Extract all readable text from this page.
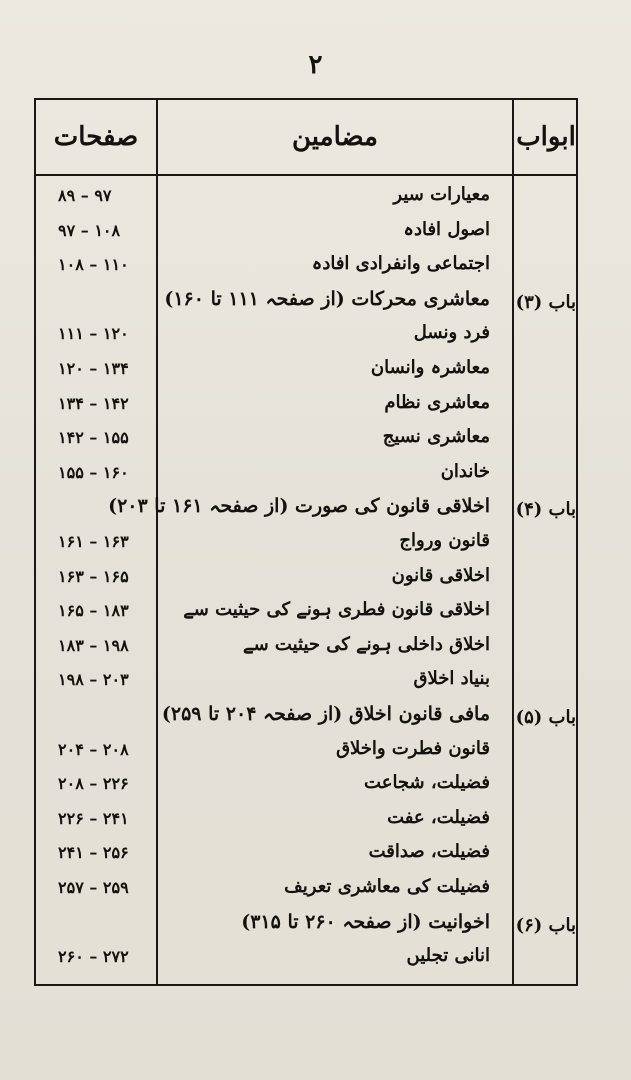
۲
صفحات	مضامین	ابواب
معیارات سیر
۸۹ – ۹۷
اصول افادہ
۹۷ – ۱۰۸
اجتماعی وانفرادی افادہ
۱۰۸ – ۱۱۰
معاشری محرکات (از صفحہ ۱۱۱ تا ۱۶۰) باب (۳)
فرد ونسل
۱۱۱ – ۱۲۰
معاشرہ وانسان
۱۲۰ – ۱۳۴
معاشری نظام
۱۳۴ – ۱۴۲
معاشری نسیج
۱۴۲ – ۱۵۵
خاندان
۱۵۵ – ۱۶۰
اخلاقی قانون کی صورت (از صفحہ ۱۶۱ تا ۲۰۳) باب (۴)
قانون ورواج
۱۶۱ – ۱۶۳
اخلاقی قانون
۱۶۳ – ۱۶۵
اخلاقی قانون فطری ہونے کی حیثیت سے
۱۶۵ – ۱۸۳
اخلاق داخلی ہونے کی حیثیت سے
۱۸۳ – ۱۹۸
بنیاد اخلاق
۱۹۸ – ۲۰۳
مافی قانون اخلاق (از صفحہ ۲۰۴ تا ۲۵۹) باب (۵)
قانون فطرت واخلاق
۲۰۴ – ۲۰۸
فضیلت، شجاعت
۲۰۸ – ۲۲۶
فضیلت، عفت
۲۲۶ – ۲۴۱
فضیلت، صداقت
۲۴۱ – ۲۵۶
فضیلت کی معاشری تعریف
۲۵۷ – ۲۵۹
اخوانیت (از صفحہ ۲۶۰ تا ۳۱۵) باب (۶)
انانی تجلیں
۲۶۰ – ۲۷۲
